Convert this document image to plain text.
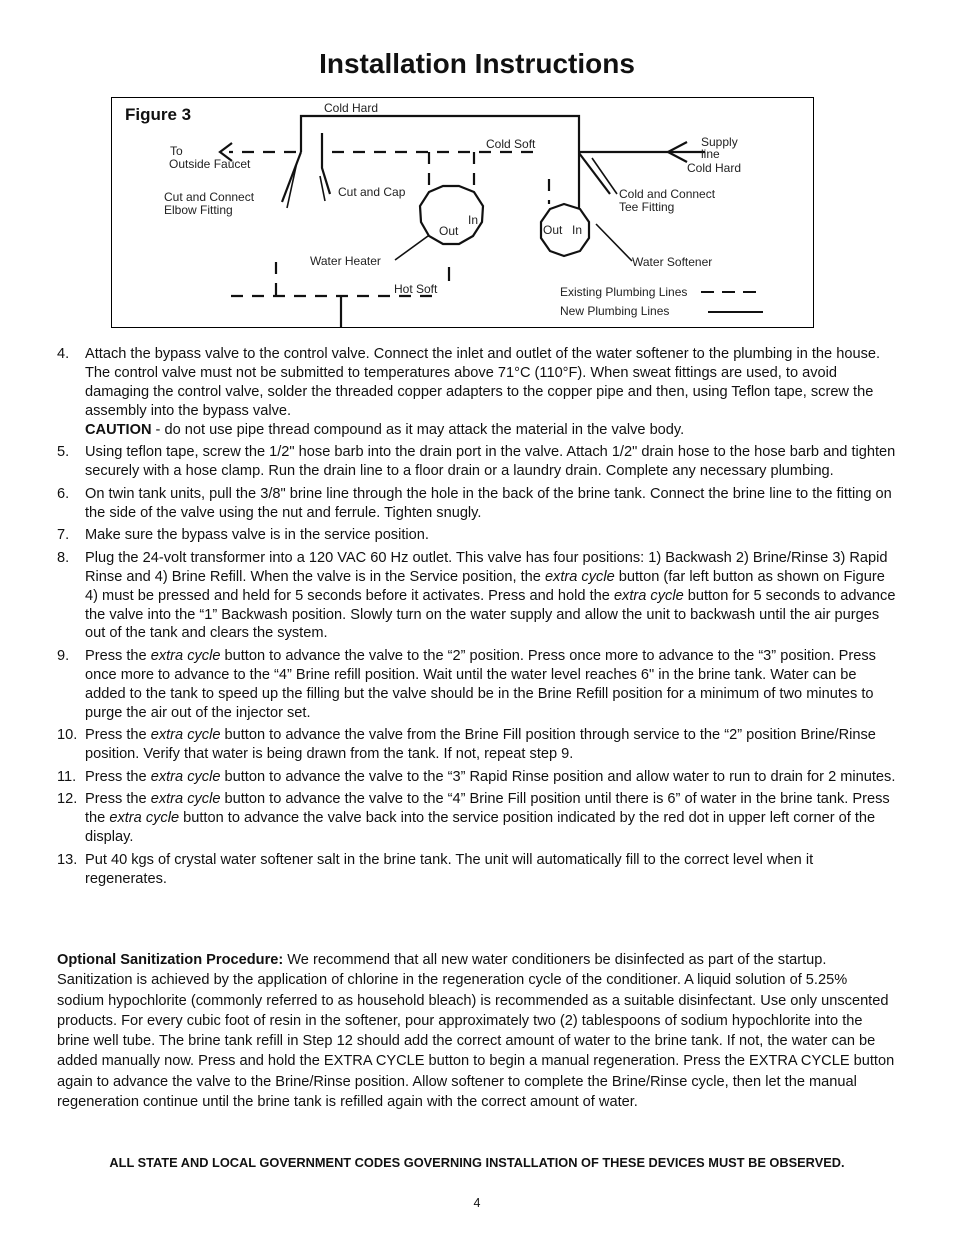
Installation Instructions
Figure 3	Cold Hard
To
Outside Faucet
Cold Soft	Supply
line
Cold Hard
Cut and Connect
Elbow Fitting
Cut and Cap	Cold and Connect
Tee Fitting
Out
In
Out In
Water Heater	Water Softener
Hot Soft	Existing Plumbing Lines
New Plumbing Lines
4. Attach the bypass valve to the control valve. Connect the inlet and outlet of the water softener to the plumbing in the house. The control valve must not be submitted to temperatures above 71°C (110°F). When sweat fittings are used, to avoid damaging the control valve, solder the threaded copper adapters to the copper pipe and then, using Teflon tape, screw the assembly into the bypass valve.
CAUTION - do not use pipe thread compound as it may attack the material in the valve body.
5. Using teflon tape, screw the 1/2" hose barb into the drain port in the valve. Attach 1/2" drain hose to the hose barb and tighten securely with a hose clamp. Run the drain line to a floor drain or a laundry drain. Complete any necessary plumbing.
6. On twin tank units, pull the 3/8" brine line through the hole in the back of the brine tank. Connect the brine line to the fitting on the side of the valve using the nut and ferrule. Tighten snugly.
7. Make sure the bypass valve is in the service position.
8. Plug the 24-volt transformer into a 120 VAC 60 Hz outlet. This valve has four positions: 1) Backwash 2) Brine/Rinse 3) Rapid Rinse and 4) Brine Refill. When the valve is in the Service position, the extra cycle button (far left button as shown on Figure 4) must be pressed and held for 5 seconds before it activates. Press and hold the extra cycle button for 5 seconds to advance the valve into the “1” Backwash position. Slowly turn on the water supply and allow the unit to backwash until the air purges out of the tank and clears the system.
9. Press the extra cycle button to advance the valve to the “2” position. Press once more to advance to the “3” position. Press once more to advance to the “4” Brine refill position. Wait until the water level reaches 6" in the brine tank. Water can be added to the tank to speed up the filling but the valve should be in the Brine Refill position for a minimum of two minutes to purge the air out of the injector set.
10. Press the extra cycle button to advance the valve from the Brine Fill position through service to the “2” position Brine/Rinse position. Verify that water is being drawn from the tank. If not, repeat step 9.
11. Press the extra cycle button to advance the valve to the “3” Rapid Rinse position and allow water to run to drain for 2 minutes.
12. Press the extra cycle button to advance the valve to the “4” Brine Fill position until there is 6” of water in the brine tank. Press the extra cycle button to advance the valve back into the service position indicated by the red dot in upper left corner of the display.
13. Put 40 kgs of crystal water softener salt in the brine tank. The unit will automatically fill to the correct level when it regenerates.

Optional Sanitization Procedure: We recommend that all new water conditioners be disinfected as part of the startup. Sanitization is achieved by the application of chlorine in the regeneration cycle of the conditioner. A liquid solution of 5.25% sodium hypochlorite (commonly referred to as household bleach) is recommended as a suitable disinfectant. Use only unscented products. For every cubic foot of resin in the softener, pour approximately two (2) tablespoons of sodium hypochlorite into the brine well tube. The brine tank refill in Step 12 should add the correct amount of water to the brine tank. If not, the water can be added manually now. Press and hold the EXTRA CYCLE button to begin a manual regeneration. Press the EXTRA CYCLE button again to advance the valve to the Brine/Rinse position. Allow softener to complete the Brine/Rinse cycle, then let the manual regeneration continue until the brine tank is refilled again with the correct amount of water.

ALL STATE AND LOCAL GOVERNMENT CODES GOVERNING INSTALLATION OF THESE DEVICES MUST BE OBSERVED.

4
